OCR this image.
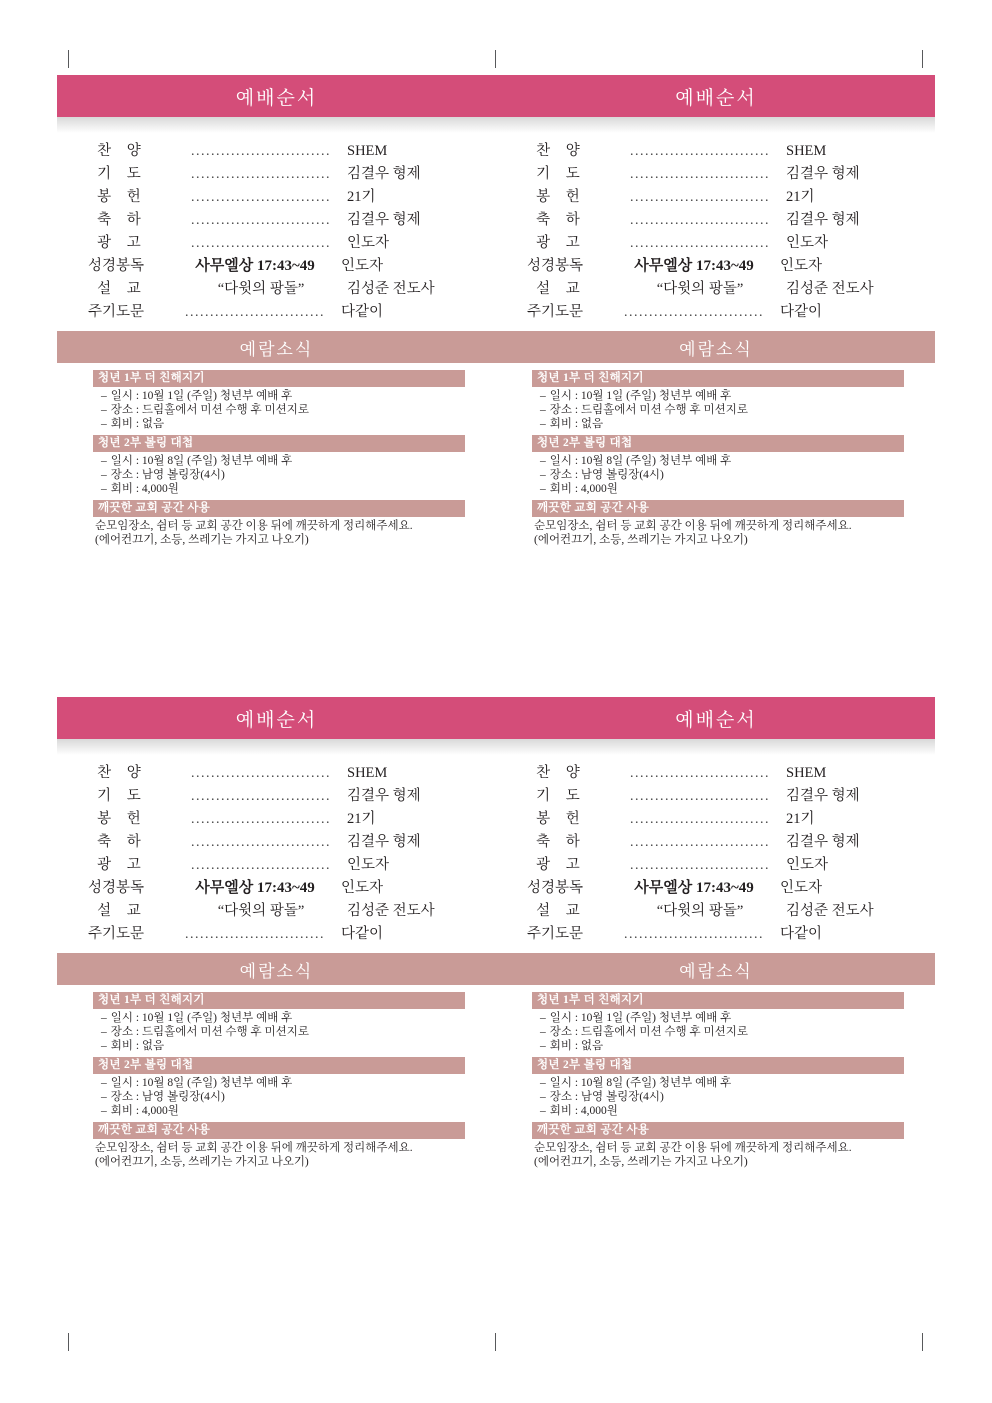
예배순서
찬 양	............................	SHEM
기 도	............................	김결우 형제
봉 헌	............................	21기
축 하	............................	김결우 형제
광 고	............................	인도자
성경봉독	사무엘상 17:43~49	인도자
설 교	“다윗의 팡돌”	김성준 전도사
주기도문	............................	다같이
예람소식
청년 1부 더 친해지기
– 일시 : 10월 1일 (주일) 청년부 예배 후
– 장소 : 드림홀에서 미션 수행 후 미션지로
– 회비 : 없음
청년 2부 볼링 대첩
– 일시 : 10월 8일 (주일) 청년부 예배 후
– 장소 : 남영 볼링장(4시)
– 회비 : 4,000원
깨끗한 교회 공간 사용
순모임장소, 쉼터 등 교회 공간 이용 뒤에 깨끗하게 정리해주세요.
(에어컨끄기, 소등, 쓰레기는 가지고 나오기)
예배순서
찬 양	............................	SHEM
기 도	............................	김결우 형제
봉 헌	............................	21기
축 하	............................	김결우 형제
광 고	............................	인도자
성경봉독	사무엘상 17:43~49	인도자
설 교	“다윗의 팡돌”	김성준 전도사
주기도문	............................	다같이
예람소식
청년 1부 더 친해지기
– 일시 : 10월 1일 (주일) 청년부 예배 후
– 장소 : 드림홀에서 미션 수행 후 미션지로
– 회비 : 없음
청년 2부 볼링 대첩
– 일시 : 10월 8일 (주일) 청년부 예배 후
– 장소 : 남영 볼링장(4시)
– 회비 : 4,000원
깨끗한 교회 공간 사용
순모임장소, 쉼터 등 교회 공간 이용 뒤에 깨끗하게 정리해주세요.
(에어컨끄기, 소등, 쓰레기는 가지고 나오기)
예배순서
찬 양	............................	SHEM
기 도	............................	김결우 형제
봉 헌	............................	21기
축 하	............................	김결우 형제
광 고	............................	인도자
성경봉독	사무엘상 17:43~49	인도자
설 교	“다윗의 팡돌”	김성준 전도사
주기도문	............................	다같이
예람소식
청년 1부 더 친해지기
– 일시 : 10월 1일 (주일) 청년부 예배 후
– 장소 : 드림홀에서 미션 수행 후 미션지로
– 회비 : 없음
청년 2부 볼링 대첩
– 일시 : 10월 8일 (주일) 청년부 예배 후
– 장소 : 남영 볼링장(4시)
– 회비 : 4,000원
깨끗한 교회 공간 사용
순모임장소, 쉼터 등 교회 공간 이용 뒤에 깨끗하게 정리해주세요.
(에어컨끄기, 소등, 쓰레기는 가지고 나오기)
예배순서
찬 양	............................	SHEM
기 도	............................	김결우 형제
봉 헌	............................	21기
축 하	............................	김결우 형제
광 고	............................	인도자
성경봉독	사무엘상 17:43~49	인도자
설 교	“다윗의 팡돌”	김성준 전도사
주기도문	............................	다같이
예람소식
청년 1부 더 친해지기
– 일시 : 10월 1일 (주일) 청년부 예배 후
– 장소 : 드림홀에서 미션 수행 후 미션지로
– 회비 : 없음
청년 2부 볼링 대첩
– 일시 : 10월 8일 (주일) 청년부 예배 후
– 장소 : 남영 볼링장(4시)
– 회비 : 4,000원
깨끗한 교회 공간 사용
순모임장소, 쉼터 등 교회 공간 이용 뒤에 깨끗하게 정리해주세요.
(에어컨끄기, 소등, 쓰레기는 가지고 나오기)
